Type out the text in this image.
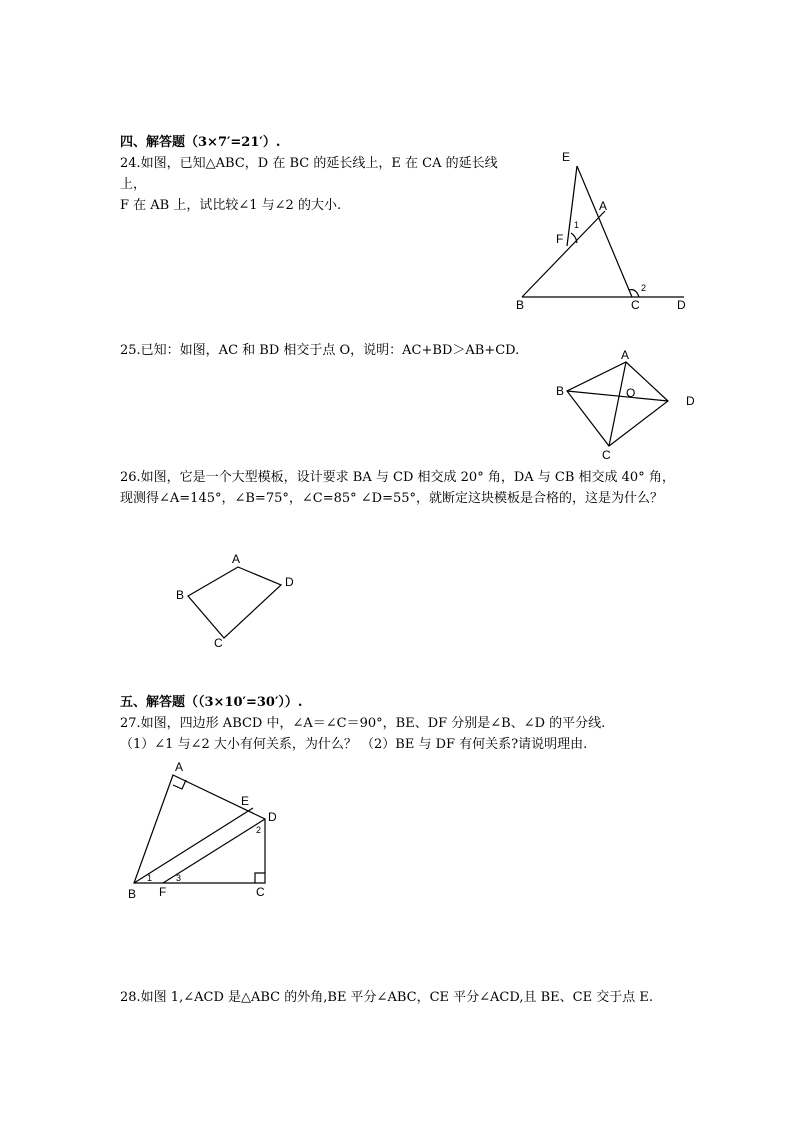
四、解答题（3×7′=21′）.
24.如图，已知△ABC，D 在 BC 的延长线上，E 在 CA 的延长线
上，
F 在 AB 上，试比较∠1 与∠2 的大小.
E
A
F
1
B	C
2
D
25.已知：如图，AC 和 BD 相交于点 O，说明：AC+BD＞AB+CD.	A
B	O
D
C
26.如图，它是一个大型模板，设计要求 BA 与 CD 相交成 20° 角，DA 与 CB 相交成 40° 角，
现测得∠A=145°，∠B=75°，∠C=85° ∠D=55°，就断定这块模板是合格的，这是为什么？
A
B
D
C
五、解答题（（3×10′=30′））.
27.如图，四边形 ABCD 中，∠A＝∠C＝90°，BE、DF 分别是∠B、∠D 的平分线.
（1）∠1 与∠2 大小有何关系，为什么？ （2）BE 与 DF 有何关系?请说明理由.
A
E
D
2
1	3
B F	C
28.如图 1,∠ACD 是△ABC 的外角,BE 平分∠ABC，CE 平分∠ACD,且 BE、CE 交于点 E.
